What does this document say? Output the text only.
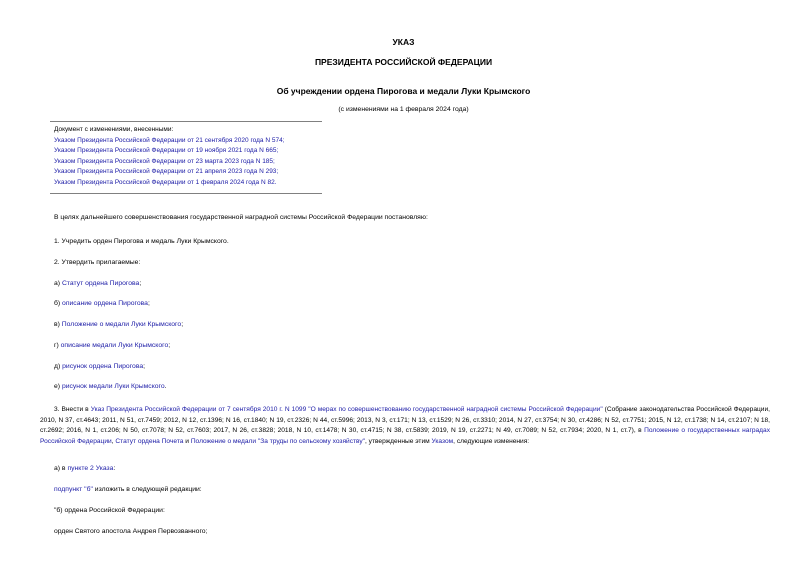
УКАЗ
ПРЕЗИДЕНТА РОССИЙСКОЙ ФЕДЕРАЦИИ
Об учреждении ордена Пирогова и медали Луки Крымского
(с изменениями на 1 февраля 2024 года)
Документ с изменениями, внесенными:
Указом Президента Российской Федерации от 21 сентября 2020 года N 574;
Указом Президента Российской Федерации от 19 ноября 2021 года N 665;
Указом Президента Российской Федерации от 23 марта 2023 года N 185;
Указом Президента Российской Федерации от 21 апреля 2023 года N 293;
Указом Президента Российской Федерации от 1 февраля 2024 года N 82.
В целях дальнейшего совершенствования государственной наградной системы Российской Федерации постановляю:
1. Учредить орден Пирогова и медаль Луки Крымского.
2. Утвердить прилагаемые:
а) Статут ордена Пирогова;
б) описание ордена Пирогова;
в) Положение о медали Луки Крымского;
г) описание медали Луки Крымского;
д) рисунок ордена Пирогова;
е) рисунок медали Луки Крымского.
3. Внести в Указ Президента Российской Федерации от 7 сентября 2010 г. N 1099 "О мерах по совершенствованию государственной наградной системы Российской Федерации" (Собрание законодательства Российской Федерации, 2010, N 37, ст.4643; 2011, N 51, ст.7459; 2012, N 12, ст.1396; N 16, ст.1840; N 19, ст.2326; N 44, ст.5996; 2013, N 3, ст.171; N 13, ст.1529; N 26, ст.3310; 2014, N 27, ст.3754; N 30, ст.4286; N 52, ст.7751; 2015, N 12, ст.1738; N 14, ст.2107; N 18, ст.2692; 2016, N 1, ст.206; N 50, ст.7078; N 52, ст.7603; 2017, N 26, ст.3828; 2018, N 10, ст.1478; N 30, ст.4715; N 38, ст.5839; 2019, N 19, ст.2271; N 49, ст.7089; N 52, ст.7934; 2020, N 1, ст.7), в Положение о государственных наградах Российской Федерации, Статут ордена Почета и Положение о медали "За труды по сельскому хозяйству", утвержденные этим Указом, следующие изменения:
а) в пункте 2 Указа:
подпункт "б" изложить в следующей редакции:
"б) ордена Российской Федерации:
орден Святого апостола Андрея Первозванного;
